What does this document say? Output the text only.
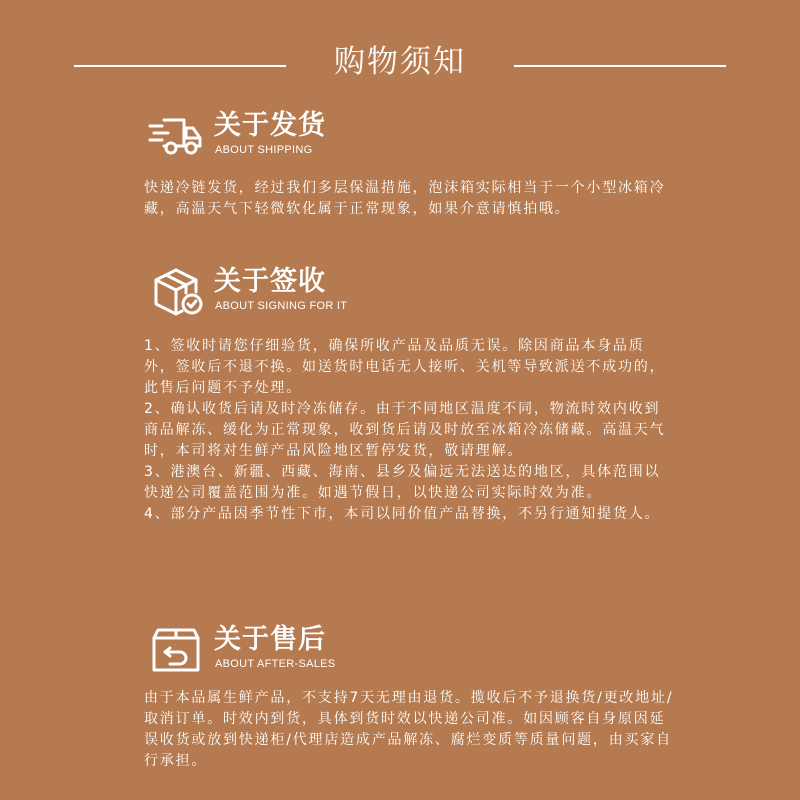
购物须知
关于发货
ABOUT SHIPPING

快递冷链发货，经过我们多层保温措施，泡沫箱实际相当于一个小型冰箱冷藏，高温天气下轻微软化属于正常现象，如果介意请慎拍哦。

关于签收
ABOUT SIGNING FOR IT

1、签收时请您仔细验货，确保所收产品及品质无误。除因商品本身品质外，签收后不退不换。如送货时电话无人接听、关机等导致派送不成功的，此售后问题不予处理。

2、确认收货后请及时冷冻储存。由于不同地区温度不同，物流时效内收到商品解冻、缓化为正常现象，收到货后请及时放至冰箱冷冻储藏。高温天气时，本司将对生鲜产品风险地区暂停发货，敬请理解。

3、港澳台、新疆、西藏、海南、县乡及偏远无法送达的地区，具体范围以快递公司覆盖范围为准。如遇节假日，以快递公司实际时效为准。

4、部分产品因季节性下市，本司以同价值产品替换，不另行通知提货人。

关于售后
ABOUT AFTER-SALES

由于本品属生鲜产品，不支持7天无理由退货。揽收后不予退换货/更改地址/取消订单。时效内到货，具体到货时效以快递公司准。如因顾客自身原因延误收货或放到快递柜/代理店造成产品解冻、腐烂变质等质量问题，由买家自行承担。
